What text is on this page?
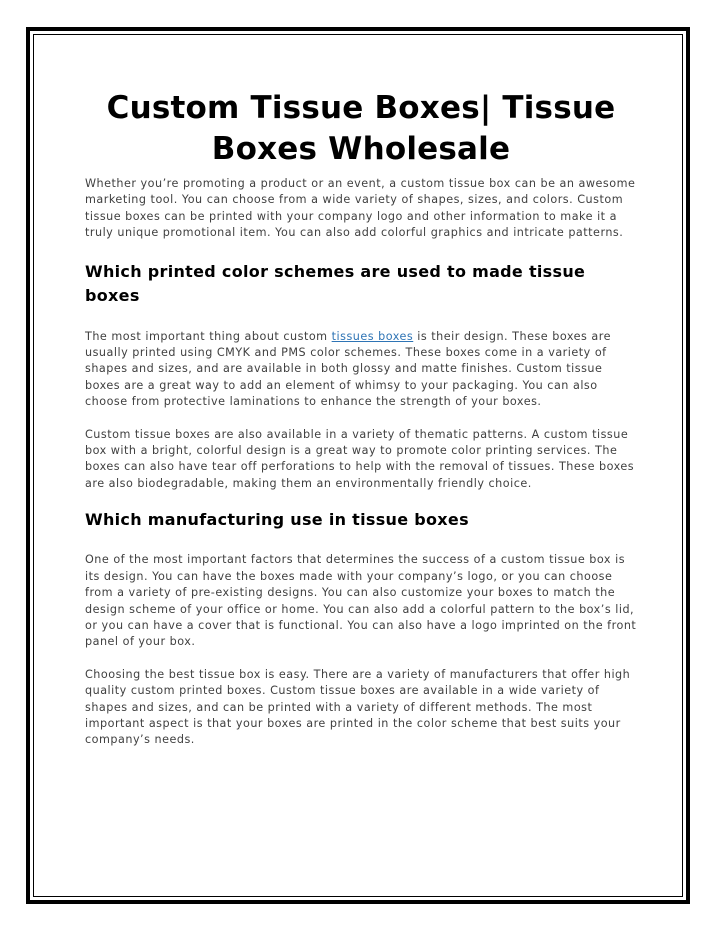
Custom Tissue Boxes| Tissue Boxes Wholesale

Whether you’re promoting a product or an event, a custom tissue box can be an awesome marketing tool. You can choose from a wide variety of shapes, sizes, and colors. Custom tissue boxes can be printed with your company logo and other information to make it a truly unique promotional item. You can also add colorful graphics and intricate patterns.

Which printed color schemes are used to made tissue boxes

The most important thing about custom tissues boxes is their design. These boxes are usually printed using CMYK and PMS color schemes. These boxes come in a variety of shapes and sizes, and are available in both glossy and matte finishes. Custom tissue boxes are a great way to add an element of whimsy to your packaging. You can also choose from protective laminations to enhance the strength of your boxes.

Custom tissue boxes are also available in a variety of thematic patterns. A custom tissue box with a bright, colorful design is a great way to promote color printing services. The boxes can also have tear off perforations to help with the removal of tissues. These boxes are also biodegradable, making them an environmentally friendly choice.

Which manufacturing use in tissue boxes

One of the most important factors that determines the success of a custom tissue box is its design. You can have the boxes made with your company’s logo, or you can choose from a variety of pre-existing designs. You can also customize your boxes to match the design scheme of your office or home. You can also add a colorful pattern to the box’s lid, or you can have a cover that is functional. You can also have a logo imprinted on the front panel of your box.

Choosing the best tissue box is easy. There are a variety of manufacturers that offer high quality custom printed boxes. Custom tissue boxes are available in a wide variety of shapes and sizes, and can be printed with a variety of different methods. The most important aspect is that your boxes are printed in the color scheme that best suits your company’s needs.
